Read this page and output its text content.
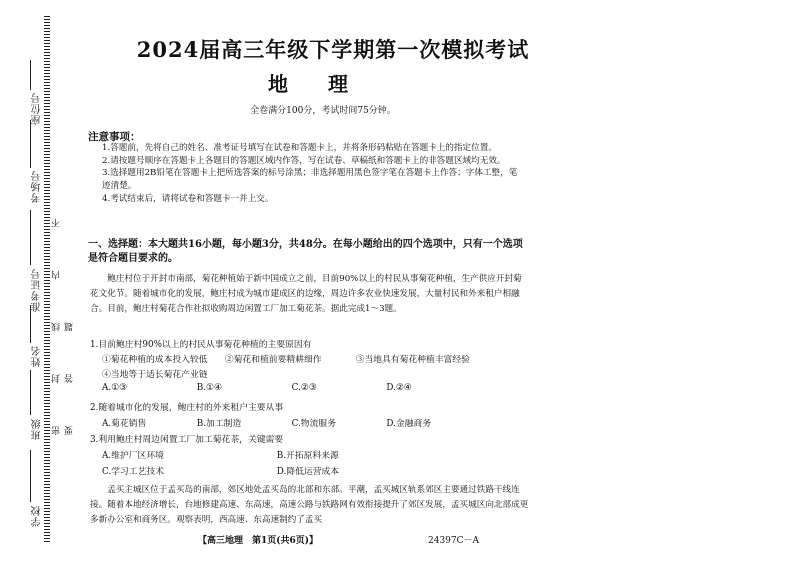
座位号
考场号
准考证号
姓名
班级
学校
密 封 线 内 不 要 答 题
2024届高三年级下学期第一次模拟考试
地理
全卷满分100分，考试时间75分钟。
注意事项：

1.答题前，先将自己的姓名、准考证号填写在试卷和答题卡上，并将条形码粘贴在答题卡上的指定位置。

2.请按题号顺序在答题卡上各题目的答题区域内作答，写在试卷、草稿纸和答题卡上的非答题区域均无效。

3.选择题用2B铅笔在答题卡上把所选答案的标号涂黑；非选择题用黑色签字笔在答题卡上作答；字体工整，笔迹清楚。

4.考试结束后，请将试卷和答题卡一并上交。

一、选择题：本大题共16小题，每小题3分，共48分。在每小题给出的四个选项中，只有一个选项是符合题目要求的。
鲍庄村位于开封市南部，菊花种植始于新中国成立之前，目前90%以上的村民从事菊花种植，生产供应开封菊花文化节。随着城市化的发展，鲍庄村成为城市建成区的边缘，周边许多农业快速发展，大量村民和外来租户相融合。目前，鲍庄村菊花合作社拟收购周边闲置工厂加工菊花茶。据此完成1～3题。
1.目前鲍庄村90%以上的村民从事菊花种植的主要原因有
①菊花种植的成本投入较低 ②菊花和植前要精耕细作	③当地具有菊花种植丰富经验
④当地等于适长菊花产业链
A.①③	B.①④	C.②③	D.②④
2.随着城市化的发展，鲍庄村的外来租户主要从事
A.菊花销售	B.加工制造	C.物流服务	D.金融商务
3.利用鲍庄村周边闲置工厂加工菊花茶，关键需要
A.维护厂区环境	B.开拓原料来源
C.学习工艺技术	D.降低运营成本
孟买主城区位于孟买岛的南部，郊区地处孟买岛的北部和东部。平潮，孟买城区轨系郊区主要通过铁路干线连接。随着本地经济增长，台地修建高速、东高速，高速公路与铁路网有效衔接提升了郊区发展，孟买城区向北部成更多新办公室和商务区。观察表明，西高速、东高速制约了孟买
【高三地理　第1页(共6页)】	24397C－A
